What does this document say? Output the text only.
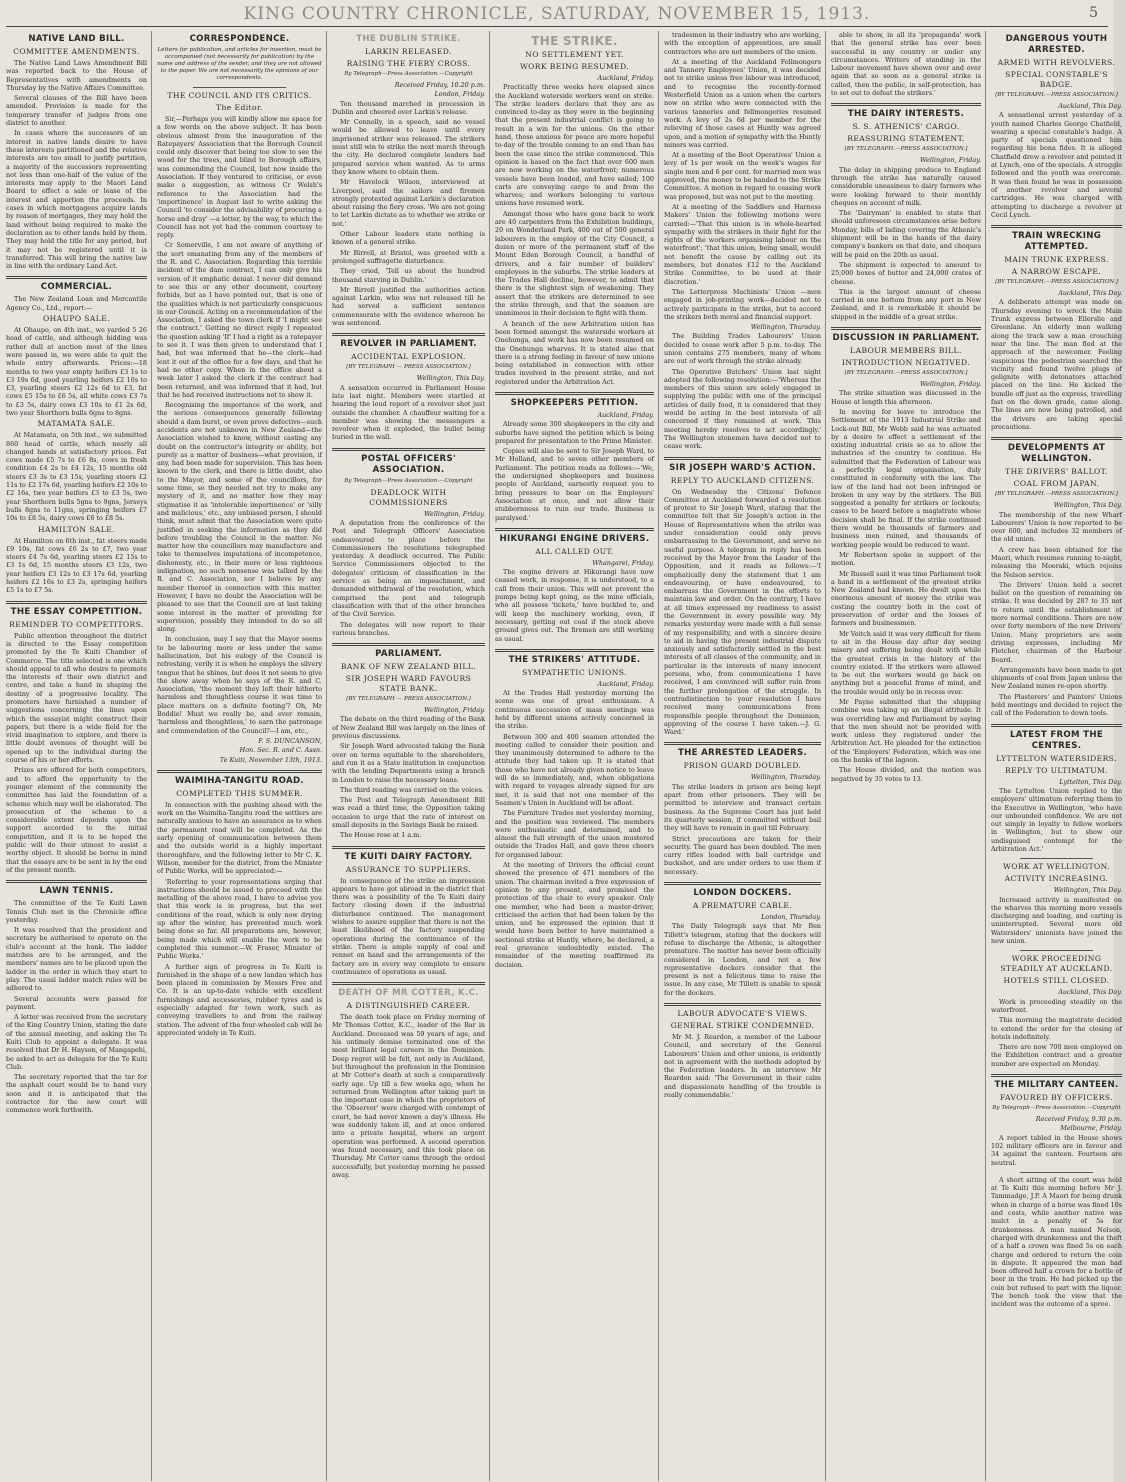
KING COUNTRY CHRONICLE, SATURDAY, NOVEMBER 15, 1913.	5
NATIVE LAND BILL.
COMMITTEE AMENDMENTS.

The Native Land Laws Amendment Bill was reported back to the House of Representatives with amendments on Thursday by the Native Affairs Committee.

Several clauses of the Bill have been amended. Provision is made for the temporary transfer of judges from one district to another.

In cases where the successors of an interest in native lands desire to have these interests partitioned and the relative interests are too small to justify partition, a majority of the successors representing not less than one-half of the value of the interests may apply to the Maori Land Board to effect a sale or lease of the interest and apportion the proceeds. In cases in which mortgagees acquire lands by reason of mortgages, they may hold the land without being required to make the declaration as to other lands held by them. They may hold the title for any period, but it may not be registered until it is transferred. This will bring the native law in line with the ordinary Land Act.

COMMERCIAL.

The New Zealand Loan and Mercantile Agency Co., Ltd., report:—

OHAUPO SALE.

At Ohaupo, on 4th inst., we yarded 5 26 head of cattle, and although bidding was rather dull at auction most of the lines were passed in, we were able to quit the whole entry afterwards. Prices:—18 months to two year empty heifers £3 1s to £3 19s 6d, good yearling heifers £2 10s to £3, yearling steers £2 12s 6d to £3, fat cows £5 15s to £6 5s, all white cows £3 7s to £3 5s, dairy cows £3 10s to £1 2s 6d, two year Shorthorn bulls 6gns to 8gns.

MATAMATA SALE.

At Matamata, on 5th inst., we submitted 860 head of cattle, which nearly all changed hands at satisfactory prices. Fat cows made £5 7s to £6 8s, cows in fresh condition £4 2s to £4 12s, 15 months old steers £3 3s to £3 15s, yearling steers £2 11s to £2 17s 6d, yearling heifers £2 10s to £2 16s, two year heifers £3 to £3 5s, two year Shorthorn bulls 5gns to 9gns, Jerseys bulls 8gns to 11gns, springing heifers £7 10s to £8 5s, dairy cows £6 to £8 5s.

HAMILTON SALE.

At Hamilton on 6th inst., fat steers made £9 10s, fat cows £6 2s to £7, two year steers £4 7s 6d, yearling steers £2 15s to £3 1s 6d, 15 months steers £3 12s, two year heifers £3 12s to £3 17s 6d, yearling heifers £2 16s to £3 2s, springing heifers £5 1s to £7 5s.

THE ESSAY COMPETITION.
REMINDER TO COMPETITORS.

Public attention throughout the district is directed to the Essay competition promoted by the Te Kuiti Chamber of Commerce. The title selected is one which should appeal to all who desire to promote the interests of their own district and centre, and take a hand in shaping the destiny of a progressive locality. The promoters have furnished a number of suggestions concerning the lines upon which the essayist might construct their papers, but there is a wide field for the vivid imagination to explore, and there is little doubt avenues of thought will be opened up to the individual during the course of his or her efforts.

Prizes are offered for both competitors, and to afford the opportunity to the younger element of the community the committee has laid the foundation of a scheme which may well be elaborated. The prosecution of the scheme to a considerable extent depends upon the support accorded to the initial competition, and it is to be hoped the public will do their utmost to assist a worthy object. It should be borne in mind that the essays are to be sent in by the end of the present month.

LAWN TENNIS.

The committee of the Te Kuiti Lawn Tennis Club met in the Chronicle office yesterday.

It was resolved that the president and secretary be authorised to operate on the club's account at the bank. The ladder matches are to be arranged, and the members' names are to be placed upon the ladder in the order in which they start to play. The usual ladder match rules will be adhered to.

Several accounts were passed for payment.

A letter was received from the secretary of the King Country Union, stating the date of the annual meeting, and asking the Te Kuiti Club to appoint a delegate. It was resolved that Dr H. Hayson, of Mangapehi, be asked to act as delegate for the Te Kuiti Club.

The secretary reported that the tar for the asphalt court would be to hand very soon and it is anticipated that the contractor for the new court will commence work forthwith.

CORRESPONDENCE.
Letters for publication, and articles for insertion, must be accompanied (not necessarily for publication) by the name and address of the sender, and they are not allowed to the paper. We are not necessarily the opinions of our correspondents.
THE COUNCIL AND ITS CRITICS.
The Editor.

Sir,—Perhaps you will kindly allow me space for a few words on the above subject. It has been obvious almost from the inauguration of the Ratepayers' Association that the Borough Council could only discover that being too slow to see the wood for the trees, and blind to Borough affairs, was commending the Council, but now inside the Association. If they ventured to criticise, or even make a suggestion, as witness Cr Welsh's reference to the Association had the 'impertinence' in August last to write asking the Council 'to consider the advisability of procuring a horse and dray' —a letter, by the way, to which the Council has not yet had the common courtesy to reply.

Cr Somerville, I am not aware of anything of the sort emanating from any of the members of the R. and C. Association. Regarding this terrible incident of the dam contract, I can only give his version of it emphatic denial. I never did demand to see this or any other document, courtesy forbids, but as I have pointed out, that is one of the qualities which is not particularly conspicuous in our Council. Acting on a recommendation of the Association, I asked the town clerk if 'I might see the contract.' Getting no direct reply I repeated the question asking 'If' I had a right as a ratepayer to see it. I was then given to understand that I had, but was informed that he—the clerk—had lent it out of the office for a few days, and that he had no other copy. When in the office about a week later I asked the clerk if the contract had been returned, and was informed that it had, but that he had received instructions not to show it.

Recognising the importance of the work, and the serious consequences generally following should a dam burst, or even prove defective—such accidents are not unknown in New Zealand—the Association wished to know, without casting any doubt on the contractor's integrity or ability, but purely as a matter of business—what provision, if any, had been made for supervision. This has been known to the clerk, and there is little doubt, also to the Mayor, and some of the councillors, for some time, so they needed not try to make any mystery of it, and no matter how they may stigmatise it as 'intolerable impertinence' or 'silly and malicious,' etc., any unbiased person, I should think, must admit that the Association were quite justified in seeking the information as they did before troubling the Council in the matter. No matter how the councillors may manufacture and take to themselves imputations of incompetence, dishonesty, etc., in their more or less righteous indignation, no such nonsense was talked by the R. and C. Association, nor I believe by any member thereof in connection with this matter. However, I have no doubt the Association will be pleased to see that the Council are at last taking some interest in the matter of providing for supervision, possibly they intended to do so all along.

In conclusion, may I say that the Mayor seems to be labouring more or less under the same hallucination, but his eulogy of the Council is refreshing, verily it is when he employs the silvery tongue that he shines, but does it not seem to give the show away when he says of the R. and C. Association, 'the moment they left their hitherto harmless and thoughtless course it was time to place matters on a definite footing'? Oh, Mr Boddie! Must we really be, and ever remain, 'harmless and thoughtless,' to earn the patronage and commendation of the Council?—I am, etc.,

F. S. DUNCANSON,
Hon. Sec. R. and C. Assn.
Te Kuiti, November 13th, 1913.
WAIMIHA-TANGITU ROAD.
COMPLETED THIS SUMMER.

In connection with the pushing ahead with the work on the Waimiha-Tangitu road the settlers are naturally anxious to have an assurance as to when the permanent road will be completed. As the early opening of communication between them and the outside world is a highly important thoroughfare, and the following letter to Mr C. K. Wilson, member for the district, from the Minister of Public Works, will be appreciated:—

'Referring to your representations urging that instructions should be issued to proceed with the metalling of the above road, I have to advise you that this work is in progress, but the wet conditions of the road, which is only now drying up after the winter, has prevented much work being done so far. All preparations are, however, being made which will enable the work to be completed this summer.—W. Fraser, Minister of Public Works.'

A further sign of progress in Te Kuiti is furnished in the shape of a new landau which has been placed in commission by Messrs Free and Co. It is an up-to-date vehicle with excellent furnishings and accessories, rubber tyres and is especially adapted for town work, such as conveying travellers to and from the railway station. The advent of the four-wheeled cab will be appreciated widely in Te Kuiti.

THE DUBLIN STRIKE.
LARKIN RELEASED.
RAISING THE FIERY CROSS.
By Telegraph—Press Association.—Copyright
Received Friday, 10.20 p.m.
London, Friday.

Ten thousand marched in procession in Dublin and cheered over Larkin's release.

Mr Connolly, in a speech, said no vessel would be allowed to leave until every imprisoned striker was released. The strikers must still win to strike the next march through the city. He declared complete leaders had prepared service when wanted. As to arms they know where to obtain them.

Mr Havelock Wilson, interviewed at Liverpool, said the sailors and firemen strongly protested against Larkin's declaration about raising the fiery cross. 'We are not going to let Larkin dictate as to whether we strike or not.'

Other Labour leaders state nothing is known of a general strike.

Mr Birrell, at Bristol, was greeted with a prolonged suffragette disturbance.

They cried, 'Tell us about the hundred thousand starving in Dublin.'

Mr Birrell justified the authorities action against Larkin, who was not released till he had served a sufficient sentence commensurate with the evidence whereon he was sentenced.

REVOLVER IN PARLIAMENT.
ACCIDENTAL EXPLOSION.
[BY TELEGRAPH — PRESS ASSOCIATION.]
Wellington, This Day.

A sensation occurred in Parliament House late last night. Members were startled at hearing the loud report of a revolver shot just outside the chamber. A chauffeur waiting for a member was showing the messengers a revolver when it exploded, the bullet being buried in the wall.

POSTAL OFFICERS' ASSOCIATION.
By Telegraph—Press Association.—Copyright
DEADLOCK WITH COMMISSIONERS
Wellington, Friday.

A deputation from the conference of the Post and Telegraph Officers' Association endeavoured to place before the Commissioners the resolutions telegraphed yesterday. A deadlock occurred. The Public Service Commissioners objected to the delegates' criticism of classification in the service as being an impeachment, and demanded withdrawal of the resolution, which comprised the post and telegraph classification with that of the other branches of the Civil Service.

The delegates will now report to their various branches.

PARLIAMENT.
BANK OF NEW ZEALAND BILL.
SIR JOSEPH WARD FAVOURS STATE BANK.
[BY TELEGRAPH — PRESS ASSOCIATION.]
Wellington, Friday.

The debate on the third reading of the Bank of New Zealand Bill was largely on the lines of previous discussions.

Sir Joseph Ward advocated taking the Bank over on terms equitable to the shareholders, and run it as a State institution in conjunction with the lending Departments using a branch in London to raise the necessary loans.

The third reading was carried on the voices.

The Post and Telegraph Amendment Bill was read a third time, the Opposition taking occasion to urge that the rate of interest on small deposits in the Savings Bank be raised.

The House rose at 1 a.m.

TE KUITI DAIRY FACTORY.
ASSURANCE TO SUPPLIERS.

In consequence of the strike an impression appears to have got abroad in the district that there was a possibility of the Te Kuiti dairy factory closing down if the industrial disturbance continued. The management wishes to assure supplier that there is not the least likelihood of the factory suspending operations during the continuance of the strike. There is ample supply of coal and rennet on hand and the arrangements of the factory are in every way complete to ensure continuance of operations as usual.

DEATH OF MR COTTER, K.C.
A DISTINGUISHED CAREER.

The death took place on Friday morning of Mr Thomas Cotter, K.C., leader of the Bar in Auckland. Deceased was 59 years of age, and his untimely demise terminated one of the most brilliant legal careers in the Dominion. Deep regret will be felt, not only in Auckland, but throughout the profession in the Dominion at Mr Cotter's death at such a comparatively early age. Up till a few weeks ago, when he returned from Wellington after taking part in the important case in which the proprietors of the 'Observer' were charged with contempt of court, he had never known a day's illness. He was suddenly taken ill, and at once ordered into a private hospital, where an urgent operation was performed. A second operation was found necessary, and this took place on Thursday. Mr Cotter came through the ordeal successfully, but yesterday morning he passed away.

THE STRIKE.
NO SETTLEMENT YET.
WORK BEING RESUMED.
Auckland, Friday.

Practically three weeks have elapsed since the Auckland waterside workers went on strike. The strike leaders declare that they are as convinced to-day as they were in the beginning that the present industrial conflict is going to result in a win for the unions. On the other hand, those anxious for peace are more hopeful to-day of the trouble coming to an end than has been the case since the strike commenced. This opinion is based on the fact that over 600 men are now working on the waterfront; numerous vessels have been loaded, and have sailed; 100 carts are conveying cargo to and from the wharves; and workers belonging to various unions have resumed work.

Amongst those who have gone back to work are 40 carpenters from the Exhibition buildings, 20 on Wonderland Park, 400 out of 500 general labourers in the employ of the City Council, a dozen or more of the permanent staff of the Mount Eden Borough Council, a handful of drivers, and a fair number of builders' employees in the suburbs. The strike leaders at the Trades Hall decline, however, to admit that there is the slightest sign of weakening. They assert that the strikers are determined to see the strike through, and that the seamen are unanimous in their decision to fight with them.

A branch of the new Arbitration union has been formed amongst the waterside workers at Onehunga, and work has now been resumed on the Onehunga wharves. It is stated also that there is a strong feeling in favour of new unions being established in connection with other trades involved in the present strike, and not registered under the Arbitration Act.

SHOPKEEPERS PETITION.
Auckland, Friday.

Already some 300 shopkeepers in the city and suburbs have signed the petition which is being prepared for presentation to the Prime Minister.

Copies will also be sent to Sir Joseph Ward, to Mr Holland, and to seven other members of Parliament. The petition reads as follows:—'We, the undersigned shopkeepers and business people of Auckland, earnestly request you to bring pressure to bear on the Employers' Association at once, and not allow their stubbornness to ruin our trade. Business is paralysed.'

HIKURANGI ENGINE DRIVERS.
ALL CALLED OUT.
Whangarei, Friday.

The engine drivers at Hikurangi have now ceased work, in response, it is understood, to a call from their union. This will not prevent the pumps being kept going, as the mine officials, who all possess 'tickets,' have buckled to, and will keep the machinery working, even, if necessary, getting out coal if the stock above ground gives out. The firemen are still working as usual.

THE STRIKERS' ATTITUDE.
SYMPATHETIC UNIONS.
Auckland, Friday.

At the Trades Hall yesterday morning the scene was one of great enthusiasm. A continuous succession of mass meetings was held by different unions actively concerned in the strike.

Between 300 and 400 seamen attended the meeting called to consider their position and they unanimously determined to adhere to the attitude they had taken up. It is stated that those who have not already given notice to leave will do so immediately, and, when obligations with regard to voyages already signed for are met, it is said that not one member of the Seamen's Union in Auckland will be afloat.

The Furniture Trades met yesterday morning, and the position was reviewed. The members were enthusiastic and determined, and to almost the full strength of the union mustered outside the Trades Hall, and gave three cheers for organised labour.

At the meeting of Drivers the official count showed the presence of 471 members of the union. The chairman invited a free expression of opinion to any present, and promised the protection of the chair to every speaker. Only one member, who had been a master-driver, criticised the action that had been taken by the union, and he expressed the opinion that it would have been better to have maintained a sectional strike at Huntly, where, he declared, a real grievance undoubtedly existed. The remainder of the meeting reaffirmed its decision.

tradesmen in their industry who are working, with the exception of apprentices, are small contractors who are not members of the union.

At a meeting of the Auckland Fellmongers and Tannery Employees' Union, it was decided not to strike unless free labour was introduced, and to recognise the recently-formed Westerfield Union as a union when the carters now on strike who were connected with the various tanneries and fellmongeries resumed work. A levy of 2s 6d per member for the relieving of those cases at Huntly was agreed upon, and a motion of sympathy with the Huntly miners was carried.

At a meeting of the Boot Operatives' Union a levy of 1s per week on the week's wages for single men and 6 per cent. for married men was approved, the money to be handed to the Strike Committee. A motion in regard to ceasing work was proposed, but was not put to the meeting.

At a meeting of the Saddlers and Harness Makers' Union the following motions were carried:—'That this union is in whole-hearted sympathy with the strikers in their fight for the rights of the workers organising labour on the waterfront'; 'that this union, being small, would not benefit the cause by calling out its members, but donates £12 to the Auckland Strike Committee, to be used at their discretion.'

The Letterpress Machinists' Union —men engaged in job-printing work—decided not to actively participate in the strike, but to accord the strikers both moral and financial support.

Wellington, Thursday.

The Building Trades Labourers' Union decided to cease work after 5 p.m. to-day. The union contains 275 members, many of whom are out of work through the strike already.

The Operative Butchers' Union last night adopted the following resolution:—'Whereas the members of this union are solely engaged in supplying the public with one of the principal articles of daily food, it is considered that they would be acting in the best interests of all concerned if they remained at work. This meeting hereby resolves to act accordingly.' The Wellington stonemen have decided not to cease work.

SIR JOSEPH WARD'S ACTION.
REPLY TO AUCKLAND CITIZENS.

On Wednesday the Citizens' Defence Committee at Auckland forwarded a resolution of protest to Sir Joseph Ward, stating that the committee felt that Sir Joseph's action in the House of Representatives when the strike was under consideration could only prove embarrassing to the Government, and serve no useful purpose. A telegram in reply has been received by the Mayor from the Leader of the Opposition, and it reads as follows:—'I emphatically deny the statement that I am endeavouring, or have endeavoured, to embarrass the Government in the efforts to maintain law and order. On the contrary, I have at all times expressed my readiness to assist the Government in every possible way. My remarks yesterday were made with a full sense of my responsibility, and with a sincere desire to aid in having the present industrial dispute anxiously and satisfactorily settled in the best interests of all classes of the community, and in particular in the interests of many innocent persons, who, from communications I have received, I am convinced will suffer ruin from the further prolongation of the struggle. In contradistinction to your resolution I have received many communications from responsible people throughout the Dominion, approving of the course I have taken.—J. G. Ward.'

THE ARRESTED LEADERS.
PRISON GUARD DOUBLED.
Wellington, Thursday.

The strike leaders in prison are being kept apart from other prisoners. They will be permitted to interview and transact certain business. As the Supreme Court has just held its quarterly session, if committed without bail they will have to remain in gaol till February.

Strict precautions are taken for their security. The guard has been doubled. The men carry rifles loaded with ball cartridge and buckshot, and are under orders to use them if necessary.

LONDON DOCKERS.
A PREMATURE CABLE.
London, Thursday.

The Daily Telegraph says that Mr Ben Tillett's telegram, stating that the dockers will refuse to discharge the Athenic, is altogether premature. The matter has never been officially considered in London, and not a few representative dockers consider that the present is not a felicitous time to raise the issue. In any case, Mr Tillett is unable to speak for the dockers.

LABOUR ADVOCATE'S VIEWS.
GENERAL STRIKE CONDEMNED.

Mr M. J. Reardon, a member of the Labour Council, and secretary of the General Labourers' Union and other unions, is evidently not in agreement with the methods adopted by the Federation leaders. In an interview Mr Reardon said: 'The Government in their calm and dispassionate handling of the trouble is really commendable.'

able to show, in all its 'propaganda' work that the general strike has ever been successful in any country or under any circumstances. Writers of standing in the Labour movement have shown over and over again that so soon as a general strike is called, then the public, in self-protection, has to set out to defeat the strikers.'

THE DAIRY INTERESTS.
S. S. ATHENICS' CARGO.
REASSURING STATEMENT.
[BY TELEGRAPH.—PRESS ASSOCIATION.]
Wellington, Friday.

The delay in shipping produce to England through the strike has naturally caused considerable uneasiness to dairy farmers who were looking forward to their monthly cheques on account of milk.

The 'Dairyman' is enabled to state that should unforeseen circumstances arise before Monday, bills of lading covering the Athenic's shipment will be in the hands of the dairy company's bankers on that date, and cheques will be paid on the 20th as usual.

The shipment is expected to amount to 25,000 boxes of butter and 24,000 crates of cheese.

This is the largest amount of cheese carried in one bottom from any port in New Zealand, and it is remarkable it should be shipped in the middle of a great strike.

DISCUSSION IN PARLIAMENT.
LABOUR MEMBERS BILL.
INTRODUCTION NEGATIVED.
[BY TELEGRAPH.—PRESS ASSOCIATION.]
Wellington, Friday.

The strike situation was discussed in the House at length this afternoon.

In moving for leave to introduce the Settlement of the 1913 Industrial Strike and Lock-out Bill, Mr Webb said he was actuated by a desire to effect a settlement of the existing industrial crisis so as to allow the industries of the country to continue. He submitted that the Federation of Labour was a perfectly legal organisation, duly constituted in conformity with the law. The law of the land had not been infringed or broken in any way by the strikers. The Bill suggested a penalty for strikers or lockouts; cases to be heard before a magistrate whose decision shall be final. If the strike continued there would be thousands of farmers and business men ruined, and thousands of working people would be reduced to want.

Mr Robertson spoke in support of the motion.

Mr Russell said it was time Parliament took a hand in a settlement of the greatest strike New Zealand had known. He dwelt upon the enormous amount of money the strike was costing the country both in the cost of preservation of order and the losses of farmers and businessmen.

Mr Veitch said it was very difficult for them to sit in the House day after day seeing misery and suffering being dealt with while the greatest crisis in the history of the country existed. If the strikers were allowed to be out the workers would go back on anything but a peaceful frame of mind, and the trouble would only be in recess over.

Mr Payne submitted that the shipping combine was taking up an illegal attitude. It was overriding law and Parliament by saying that the men should not be provided with work unless they registered under the Arbitration Act. He pleaded for the extinction of the 'Employers' Federation, which was one on the banks of the lagoon.

The House divided, and the motion was negatived by 35 votes to 13.

DANGEROUS YOUTH ARRESTED.
ARMED WITH REVOLVERS.
SPECIAL CONSTABLE'S BADGE.
[BY TELEGRAPH.—PRESS ASSOCIATION.]
Auckland, This Day.

A sensational arrest yesterday of a youth named Charles George Chatfield, wearing a special constable's badge. A party of specials questioned him regarding his bona fides. It is alleged Chatfield drew a revolver and pointed it at Lynch, one of the specials. A struggle followed and the youth was overcome. It was then found he was in possession of another revolver and several cartridges. He was charged with attempting to discharge a revolver at Cecil Lynch.

TRAIN WRECKING ATTEMPTED.
MAIN TRUNK EXPRESS.
A NARROW ESCAPE.
[BY TELEGRAPH.—PRESS ASSOCIATION.]
Auckland, This Day.

A deliberate attempt was made on Thursday evening to wreck the Main Trunk express between Ellerslie and Greenlane. An elderly man walking along the track saw a man crouching near the line. The man fled at the approach of the newcomer. Feeling suspicious the pedestrian searched the vicinity and found twelve plugs of gelignite with detonators attached placed on the line. He kicked the bundle off just as the express, travelling fast on the down grade, came along. The lines are now being patrolled, and the drivers are taking special precautions.

DEVELOPMENTS AT WELLINGTON.
THE DRIVERS' BALLOT.
COAL FROM JAPAN.
[BY TELEGRAPH.—PRESS ASSOCIATION.]
Wellington, This Day.

The membership of the new Wharf Labourers' Union is now reported to be over 600, and includes 32 members of the old union.

A crew has been obtained for the Maori, which resumes running to-night, releasing the Moeraki, which rejoins the Nelson service.

The Drivers' Union held a secret ballot on the question of remaining on strike. It was decided by 287 to 35 not to return until the establishment of more normal conditions. There are now over forty members of the new Drivers' Union. Many proprietors are seen driving expresses, including Mr Fletcher, chairman of the Harbour Board.

Arrangements have been made to get shipments of coal from Japan unless the New Zealand mines re-open shortly.

The Plasterers' and Painters' Unions held meetings and decided to reject the call of the Federation to down tools.

LATEST FROM THE CENTRES.
LYTTELTON WATERSIDERS.
REPLY TO ULTIMATUM.
Lyttelton, This Day.

The Lyttelton Union replied to the employers' ultimatum referring them to the Executive in Wellington, 'who have our unbounded confidence. We are not out simply in loyalty to fellow workers in Wellington, but to show our undisguised contempt for the Arbitration Act.'

WORK AT WELLINGTON.
ACTIVITY INCREASING.
Wellington, This Day.

Increased activity is manifested on the wharves this morning more vessels discharging and loading, and carting is uninterrupted. Several more old Watersiders' unionists have joined the new union.

WORK PROCEEDING STEADILY AT AUCKLAND.
HOTELS STILL CLOSED.
Auckland, This Day.

Work is proceeding steadily on the waterfront.

This morning the magistrate decided to extend the order for the closing of hotels indefinitely.

There are now 700 men employed on the Exhibition contract and a greater number are expected on Monday.

THE MILITARY CANTEEN.
FAVOURED BY OFFICERS.
By Telegraph—Press Association.—Copyright
Received Friday, 9.30 p.m.
Melbourne, Friday.

A report tabled in the House shows 102 military officers are in favour and 34 against the canteen. Fourteen are neutral.

A short sitting of the court was held at Te Kuiti this morning before Mr J. Tammadge, J.P. A Maori for being drunk when in charge of a horse was fined 10s and costs, while another native was mulct in a penalty of 5s for drunkenness. A man named Nelson, charged with drunkenness and the theft of a half a crown was fined 5s on each charge and ordered to return the coin in dispute. It appeared the man had been offered half a crown for a bottle of beer in the train. He had picked up the coin but refused to part with the liquor. The bench took the view that the incident was the outcome of a spree.
